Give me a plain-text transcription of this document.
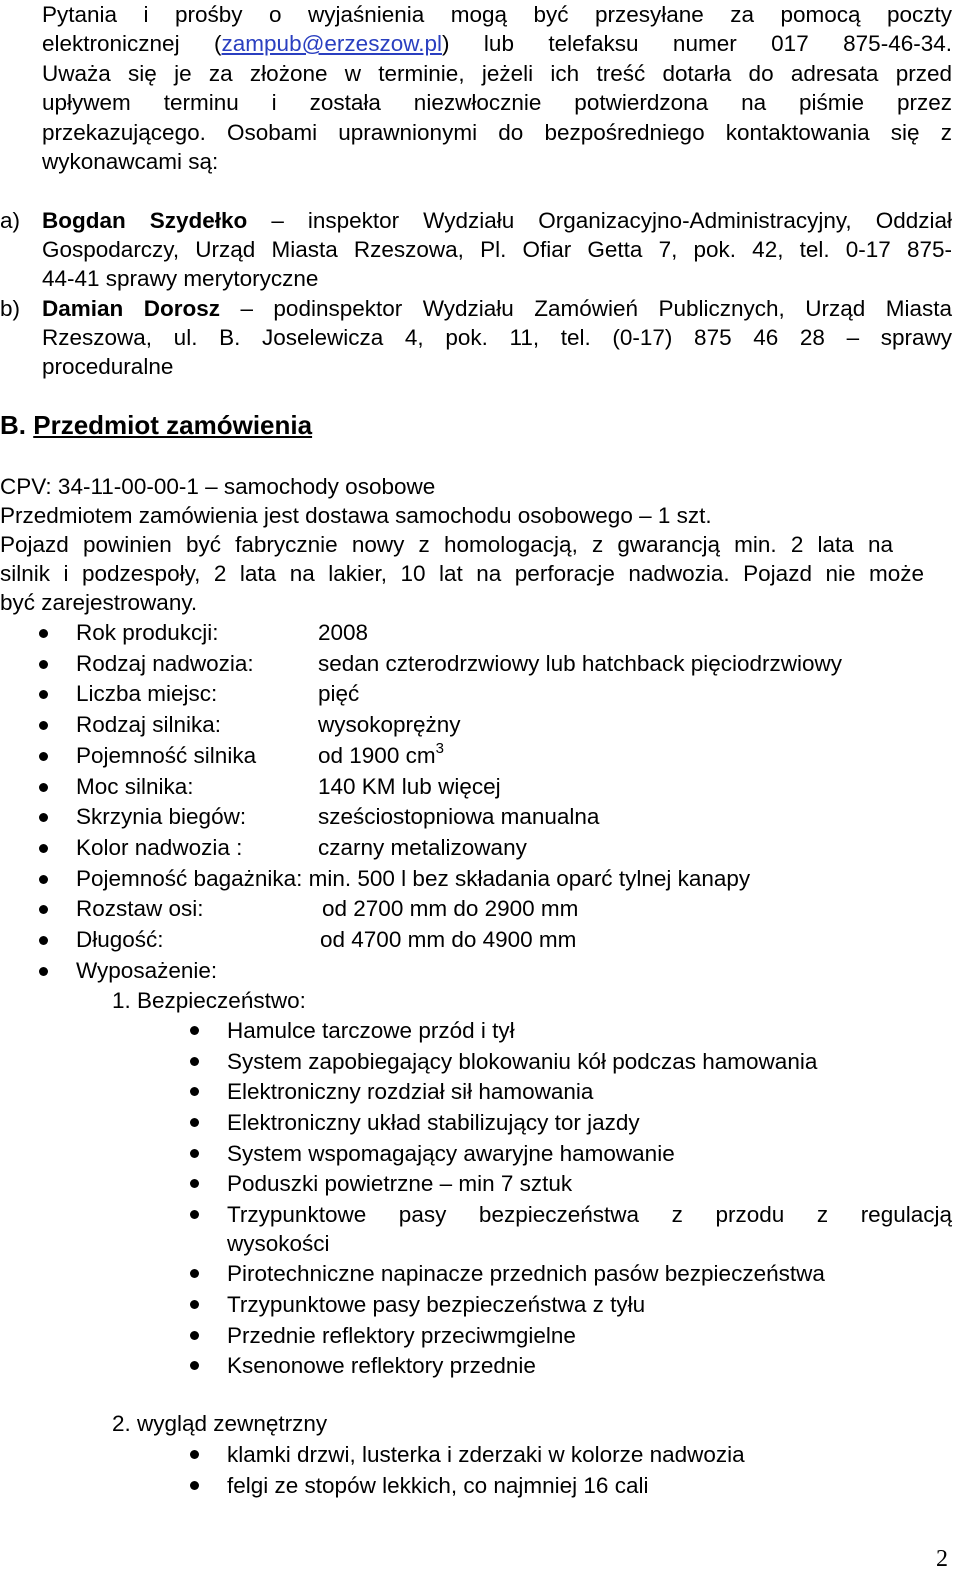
Pytania i prośby o wyjaśnienia mogą być przesyłane za pomocą poczty
elektronicznej (zampub@erzeszow.pl) lub telefaksu numer 017 875-46-34.
Uważa się je za złożone w terminie, jeżeli ich treść dotarła do adresata przed
upływem terminu i została niezwłocznie potwierdzona na piśmie przez
przekazującego. Osobami uprawnionymi do bezpośredniego kontaktowania się z
wykonawcami są:
a) Bogdan Szydełko – inspektor Wydziału Organizacyjno-Administracyjny, Oddział
Gospodarczy, Urząd Miasta Rzeszowa, Pl. Ofiar Getta 7, pok. 42, tel. 0-17 875-
44-41 sprawy merytoryczne
b) Damian Dorosz – podinspektor Wydziału Zamówień Publicznych, Urząd Miasta
Rzeszowa, ul. B. Joselewicza 4, pok. 11, tel. (0-17) 875 46 28 – sprawy
proceduralne
B. Przedmiot zamówienia
CPV: 34-11-00-00-1 – samochody osobowe
Przedmiotem zamówienia jest dostawa samochodu osobowego – 1 szt.
Pojazd powinien być fabrycznie nowy z homologacją, z gwarancją min. 2 lata na
silnik i podzespoły, 2 lata na lakier, 10 lat na perforacje nadwozia. Pojazd nie może
być zarejestrowany.
Rok produkcji:	2008
Rodzaj nadwozia:	sedan czterodrzwiowy lub hatchback pięciodrzwiowy
Liczba miejsc:	pięć
Rodzaj silnika:	wysokoprężny
Pojemność silnika	od 1900 $cm^3$
Moc silnika:	140 KM lub więcej
Skrzynia biegów:	sześciostopniowa manualna
Kolor nadwozia :	czarny metalizowany
Pojemność bagażnika: min. 500 l bez składania oparć tylnej kanapy
Rozstaw osi:	od 2700 mm do 2900 mm
Długość:	od 4700 mm do 4900 mm
Wyposażenie:
1. Bezpieczeństwo:
Hamulce tarczowe przód i tył
System zapobiegający blokowaniu kół podczas hamowania
Elektroniczny rozdział sił hamowania
Elektroniczny układ stabilizujący tor jazdy
System wspomagający awaryjne hamowanie
Poduszki powietrzne – min 7 sztuk
Trzypunktowe pasy bezpieczeństwa z przodu z regulacją
wysokości
Pirotechniczne napinacze przednich pasów bezpieczeństwa
Trzypunktowe pasy bezpieczeństwa z tyłu
Przednie reflektory przeciwmgielne
Ksenonowe reflektory przednie
2. wygląd zewnętrzny
klamki drzwi, lusterka i zderzaki w kolorze nadwozia
felgi ze stopów lekkich, co najmniej 16 cali
2
